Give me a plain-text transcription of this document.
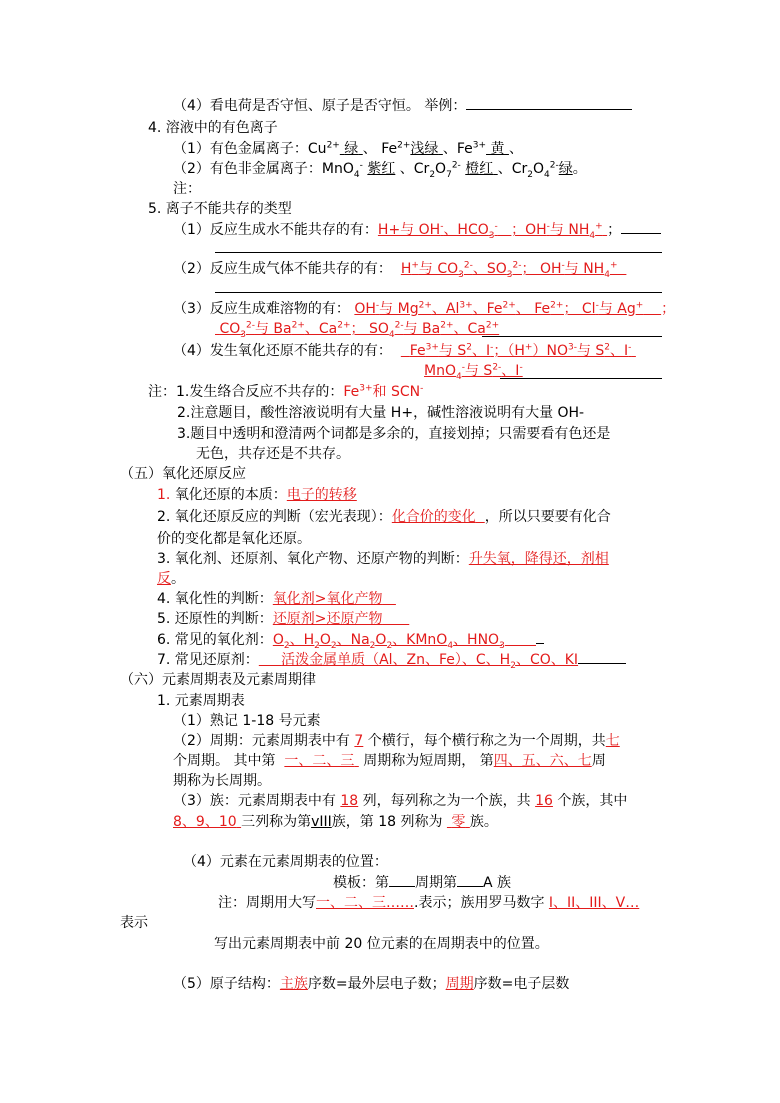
（4）看电荷是否守恒、原子是否守恒。 举例：
4. 溶液中的有色离子
（1）有色金属离子：$Cu^{2+}$ 绿 、 $Fe^{2+}$浅绿 、$Fe^{3+}$ 黄 、
（2）有色非金属离子：MnO$_4$- 紫红 、$Cr_2O_7^{2-}$ 橙红 、$Cr_2O_4^{2-}$绿。
注：
5. 离子不能共存的类型
（1）反应生成水不能共存的有：H+与 OH-、$HCO_3^-$ ；OH-与 $NH_4^+$ ；
（2）反应生成气体不能共存的有： H+与 $CO_3^{2-}$、$SO_3^{2-}$； OH-与 $NH_4^+$
（3）反应生成难溶物的有： OH-与 $Mg^{2+}$、$Al^{3+}$、$Fe^{2+}$、 $Fe^{2+}$； Cl-与 Ag+ ；
$CO_3^{2-}$与 $Ba^{2+}$、$Ca^{2+}$； $SO_4^{2-}$与 $Ba^{2+}$、$Ca^{2+}$
（4）发生氧化还原不能共存的有： $Fe^{3+}$与 $S^2$、I-；$(H^+)NO^{3-}$与 $S^2$、I-
MnO$_4$-与 $S^{2-}$、I-
注：1.发生络合反应不共存的：$Fe^{3+}$和 SCN-
2.注意题目，酸性溶液说明有大量 H+，碱性溶液说明有大量 OH-
3.题目中透明和澄清两个词都是多余的，直接划掉；只需要看有色还是
无色，共存还是不共存。
（五）氧化还原反应
1. 氧化还原的本质：电子的转移
2. 氧化还原反应的判断（宏光表现）：化合价的变化 ，所以只要要有化合
价的变化都是氧化还原。
3. 氧化剂、还原剂、氧化产物、还原产物的判断：升失氧，降得还，剂相
反。
4. 氧化性的判断：氧化剂>氧化产物
5. 还原性的判断：还原剂>还原产物
6. 常见的氧化剂：$O_2$、$H_2O_2$、$Na_2O_2$、KMnO$_4$、$HNO_3$
7. 常见还原剂： 活泼金属单质（Al、Zn、Fe）、C、$H_2$、CO、KI
（六）元素周期表及元素周期律
1. 元素周期表
（1）熟记 1-18 号元素
（2）周期：元素周期表中有 7 个横行，每个横行称之为一个周期，共七
个周期。 其中第 一、二、三 周期称为短周期， 第四、五、六、七周
期称为长周期。
（3）族：元素周期表中有 18 列，每列称之为一个族，共 16 个族，其中
8、9、10 三列称为第vIII族，第 18 列称为 零 族。
（4）元素在元素周期表的位置：
模板：第 周期第 A 族
注：周期用大写一、二、三…….表示；族用罗马数字 I、II、III、V…
表示
写出元素周期表中前 20 位元素的在周期表中的位置。
（5）原子结构：主族序数=最外层电子数；周期序数=电子层数
